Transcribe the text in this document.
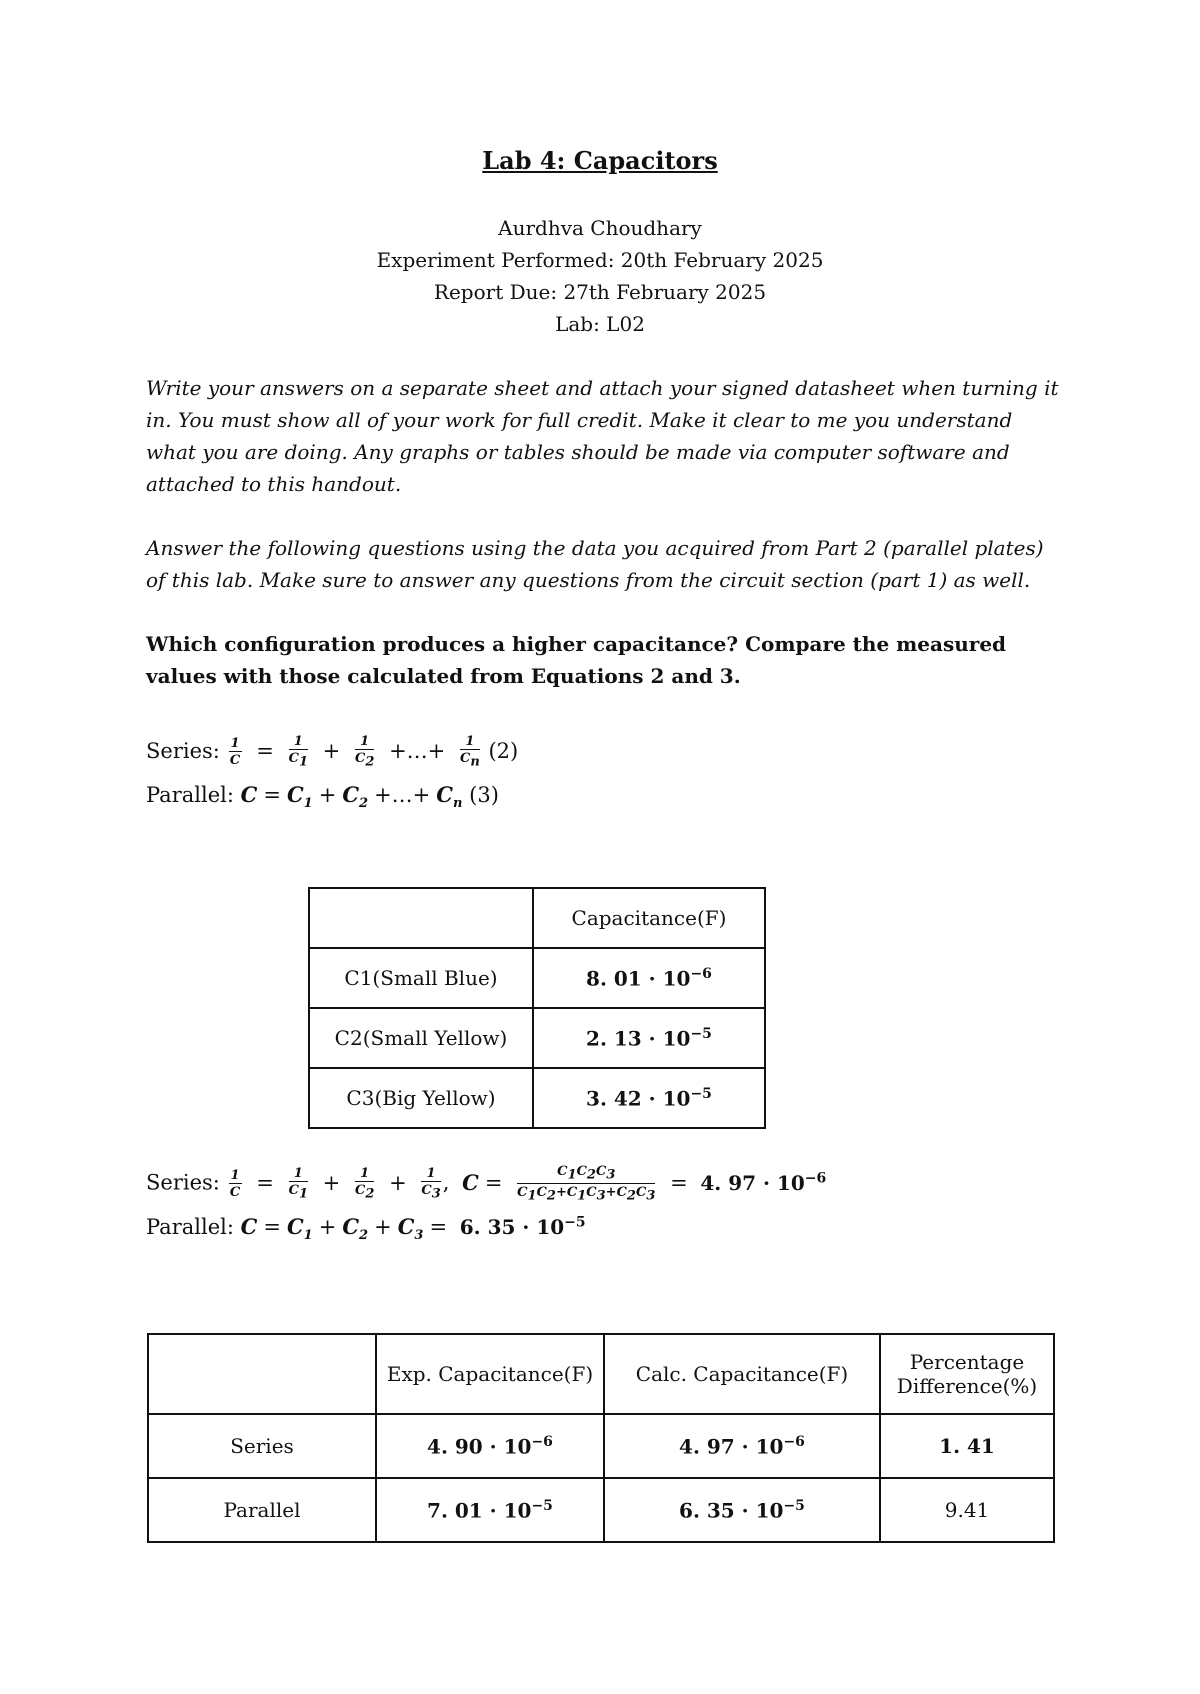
Lab 4: Capacitors
Aurdhva Choudhary
Experiment Performed: 20th February 2025
Report Due: 27th February 2025
Lab: L02
Write your answers on a separate sheet and attach your signed datasheet when turning it in. You must show all of your work for full credit. Make it clear to me you understand what you are doing. Any graphs or tables should be made via computer software and attached to this handout.
Answer the following questions using the data you acquired from Part 2 (parallel plates) of this lab. Make sure to answer any questions from the circuit section (part 1) as well.
Which configuration produces a higher capacitance? Compare the measured values with those calculated from Equations 2 and 3.
Series: $\frac{1}{C} = \frac{1}{C_1} + \frac{1}{C_2}$ +…+ $\frac{1}{C_n} (2)$
Parallel: $C = C_1 + C_2$ +…+ $C_n$ (3)
	Capacitance(F)
C1(Small Blue)	8. $01 \cdot 10^{-6}$
C2(Small Yellow)	2. $13 \cdot 10^{-5}$
C3(Big Yellow)	3. $42 \cdot 10^{-5}$
Series: $\frac{1}{C} = \frac{1}{C_1} + \frac{1}{C_2} + \frac{1}{C_3}$ , $C = \frac{C_1C_2C_3}{C_1C_2+C_1C_3+C_2C_3} = 4$. $97 \cdot 10^{-6}$
Parallel: $C = C_1 + C_2 + C_3 = 6$. $35 \cdot 10^{-5}$
	Exp. Capacitance(F)	Calc. Capacitance(F)	Percentage Difference(%)
Series	4. $90 \cdot 10^{-6}$	4. $97 \cdot 10^{-6}$	1. 41
Parallel	7. $01 \cdot 10^{-5}$	6. $35 \cdot 10^{-5}$	9.41
